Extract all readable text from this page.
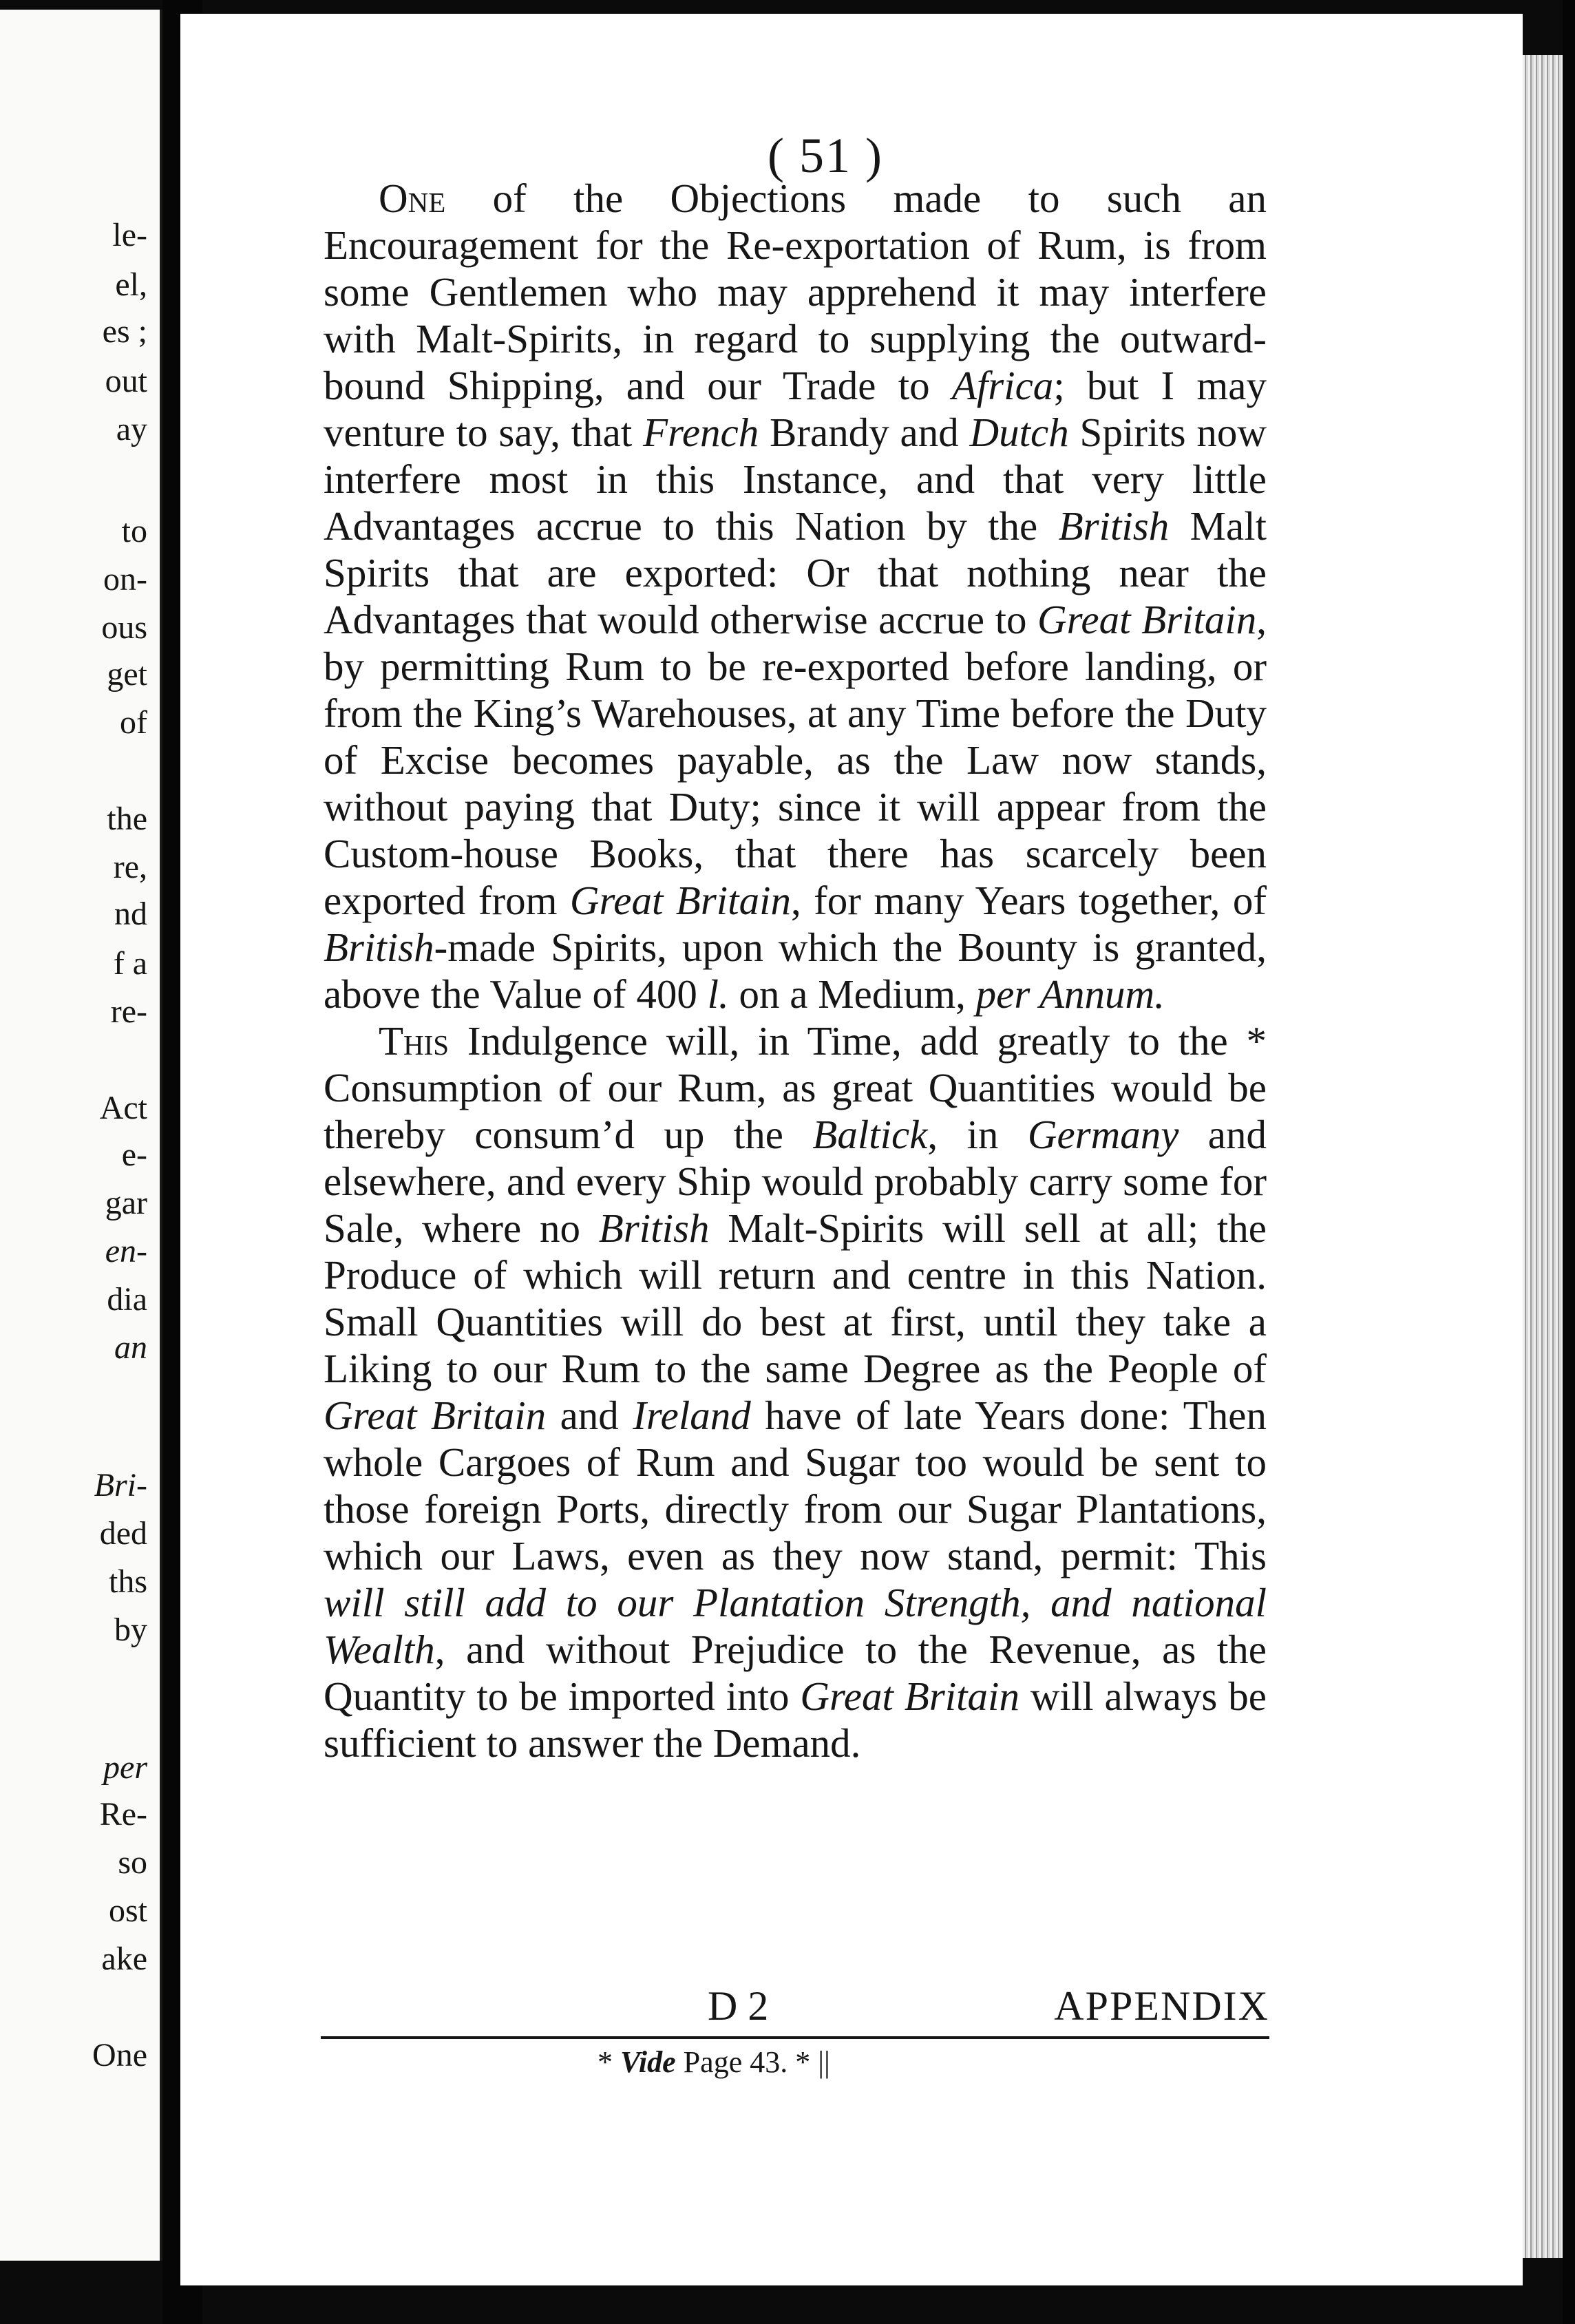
le-
el,
es ;
out
ay
to
on-
ous
get
of
the
re,
nd
f a
re-
Act
e-
gar
en-
dia
an
Bri-
ded
ths
by
per
Re-
so
ost
ake
One
( 51 )

One of the Objections made to such an Encouragement for the Re-exportation of Rum, is from some Gentlemen who may apprehend it may interfere with Malt-Spirits, in regard to supplying the outward-bound Shipping, and our Trade to Africa; but I may venture to say, that French Brandy and Dutch Spirits now interfere most in this Instance, and that very little Advantages accrue to this Nation by the British Malt Spirits that are exported: Or that nothing near the Advantages that would otherwise accrue to Great Britain, by permitting Rum to be re-exported before landing, or from the King’s Warehouses, at any Time before the Duty of Excise becomes payable, as the Law now stands, without paying that Duty; since it will appear from the Custom-house Books, that there has scarcely been exported from Great Britain, for many Years together, of British-made Spirits, upon which the Bounty is granted, above the Value of 400 l. on a Medium, per Annum.

This Indulgence will, in Time, add greatly to the * Consumption of our Rum, as great Quantities would be thereby consum’d up the Baltick, in Germany and elsewhere, and every Ship would probably carry some for Sale, where no British Malt-Spirits will sell at all; the Produce of which will return and centre in this Nation. Small Quantities will do best at first, until they take a Liking to our Rum to the same Degree as the People of Great Britain and Ireland have of late Years done: Then whole Cargoes of Rum and Sugar too would be sent to those foreign Ports, directly from our Sugar Plantations, which our Laws, even as they now stand, permit: This will still add to our Plantation Strength, and national Wealth, and without Prejudice to the Revenue, as the Quantity to be imported into Great Britain will always be sufficient to answer the Demand.

D 2	APPENDIX
* Vide Page 43. * ||
